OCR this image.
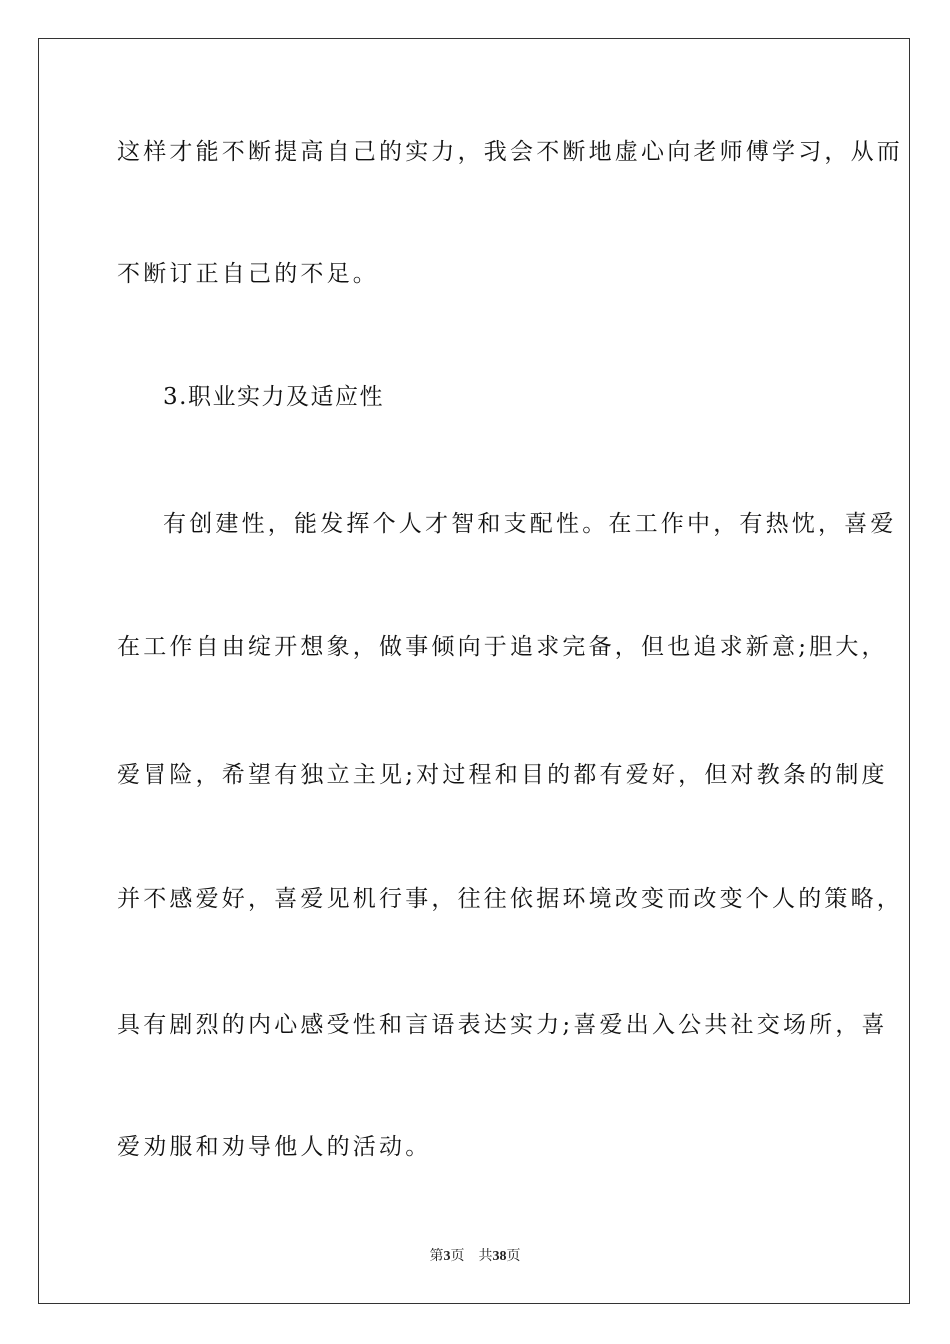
这样才能不断提高自己的实力，我会不断地虚心向老师傅学习，从而
不断订正自己的不足。
3.职业实力及适应性
有创建性，能发挥个人才智和支配性。在工作中，有热忱，喜爱
在工作自由绽开想象，做事倾向于追求完备，但也追求新意;胆大，
爱冒险，希望有独立主见;对过程和目的都有爱好，但对教条的制度
并不感爱好，喜爱见机行事，往往依据环境改变而改变个人的策略，
具有剧烈的内心感受性和言语表达实力;喜爱出入公共社交场所，喜
爱劝服和劝导他人的活动。
第3页 共38页
